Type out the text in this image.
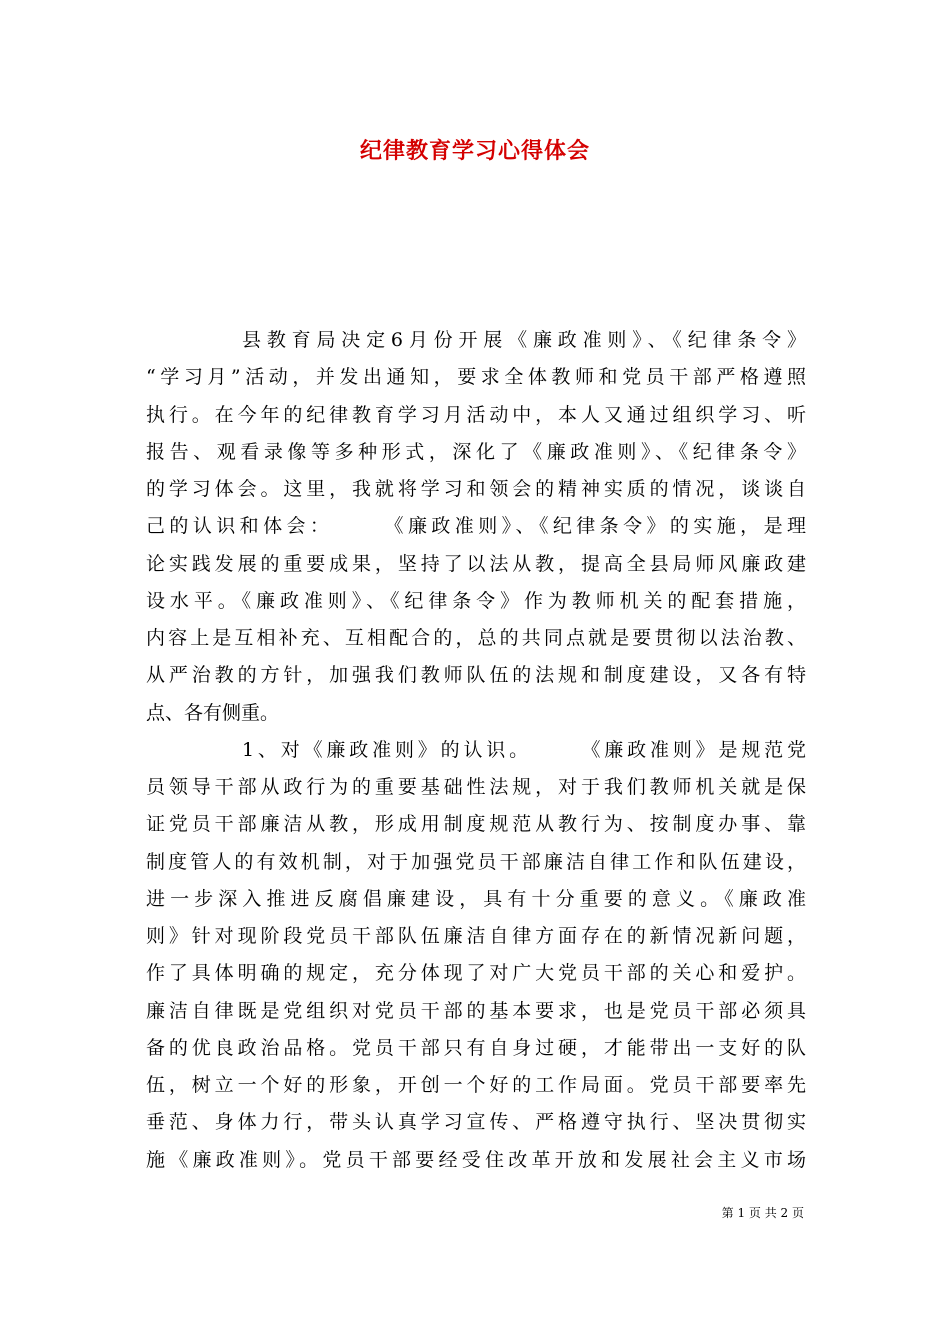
纪律教育学习心得体会
县教育局决定6月份开展《廉政准则》、《纪律条令》
“学习月”活动，并发出通知，要求全体教师和党员干部严格遵照
执行。在今年的纪律教育学习月活动中，本人又通过组织学习、听
报告、观看录像等多种形式，深化了《廉政准则》、《纪律条令》
的学习体会。这里，我就将学习和领会的精神实质的情况，谈谈自
己的认识和体会：　　　《廉政准则》、《纪律条令》的实施，是理
论实践发展的重要成果，坚持了以法从教，提高全县局师风廉政建
设水平。《廉政准则》、《纪律条令》作为教师机关的配套措施，
内容上是互相补充、互相配合的，总的共同点就是要贯彻以法治教、
从严治教的方针，加强我们教师队伍的法规和制度建设，又各有特
点、各有侧重。
1、对《廉政准则》的认识。　　　《廉政准则》是规范党
员领导干部从政行为的重要基础性法规，对于我们教师机关就是保
证党员干部廉洁从教，形成用制度规范从教行为、按制度办事、靠
制度管人的有效机制，对于加强党员干部廉洁自律工作和队伍建设，
进一步深入推进反腐倡廉建设，具有十分重要的意义。《廉政准
则》针对现阶段党员干部队伍廉洁自律方面存在的新情况新问题，
作了具体明确的规定，充分体现了对广大党员干部的关心和爱护。
廉洁自律既是党组织对党员干部的基本要求，也是党员干部必须具
备的优良政治品格。党员干部只有自身过硬，才能带出一支好的队
伍，树立一个好的形象，开创一个好的工作局面。党员干部要率先
垂范、身体力行，带头认真学习宣传、严格遵守执行、坚决贯彻实
施《廉政准则》。党员干部要经受住改革开放和发展社会主义市场
第 1 页 共 2 页
